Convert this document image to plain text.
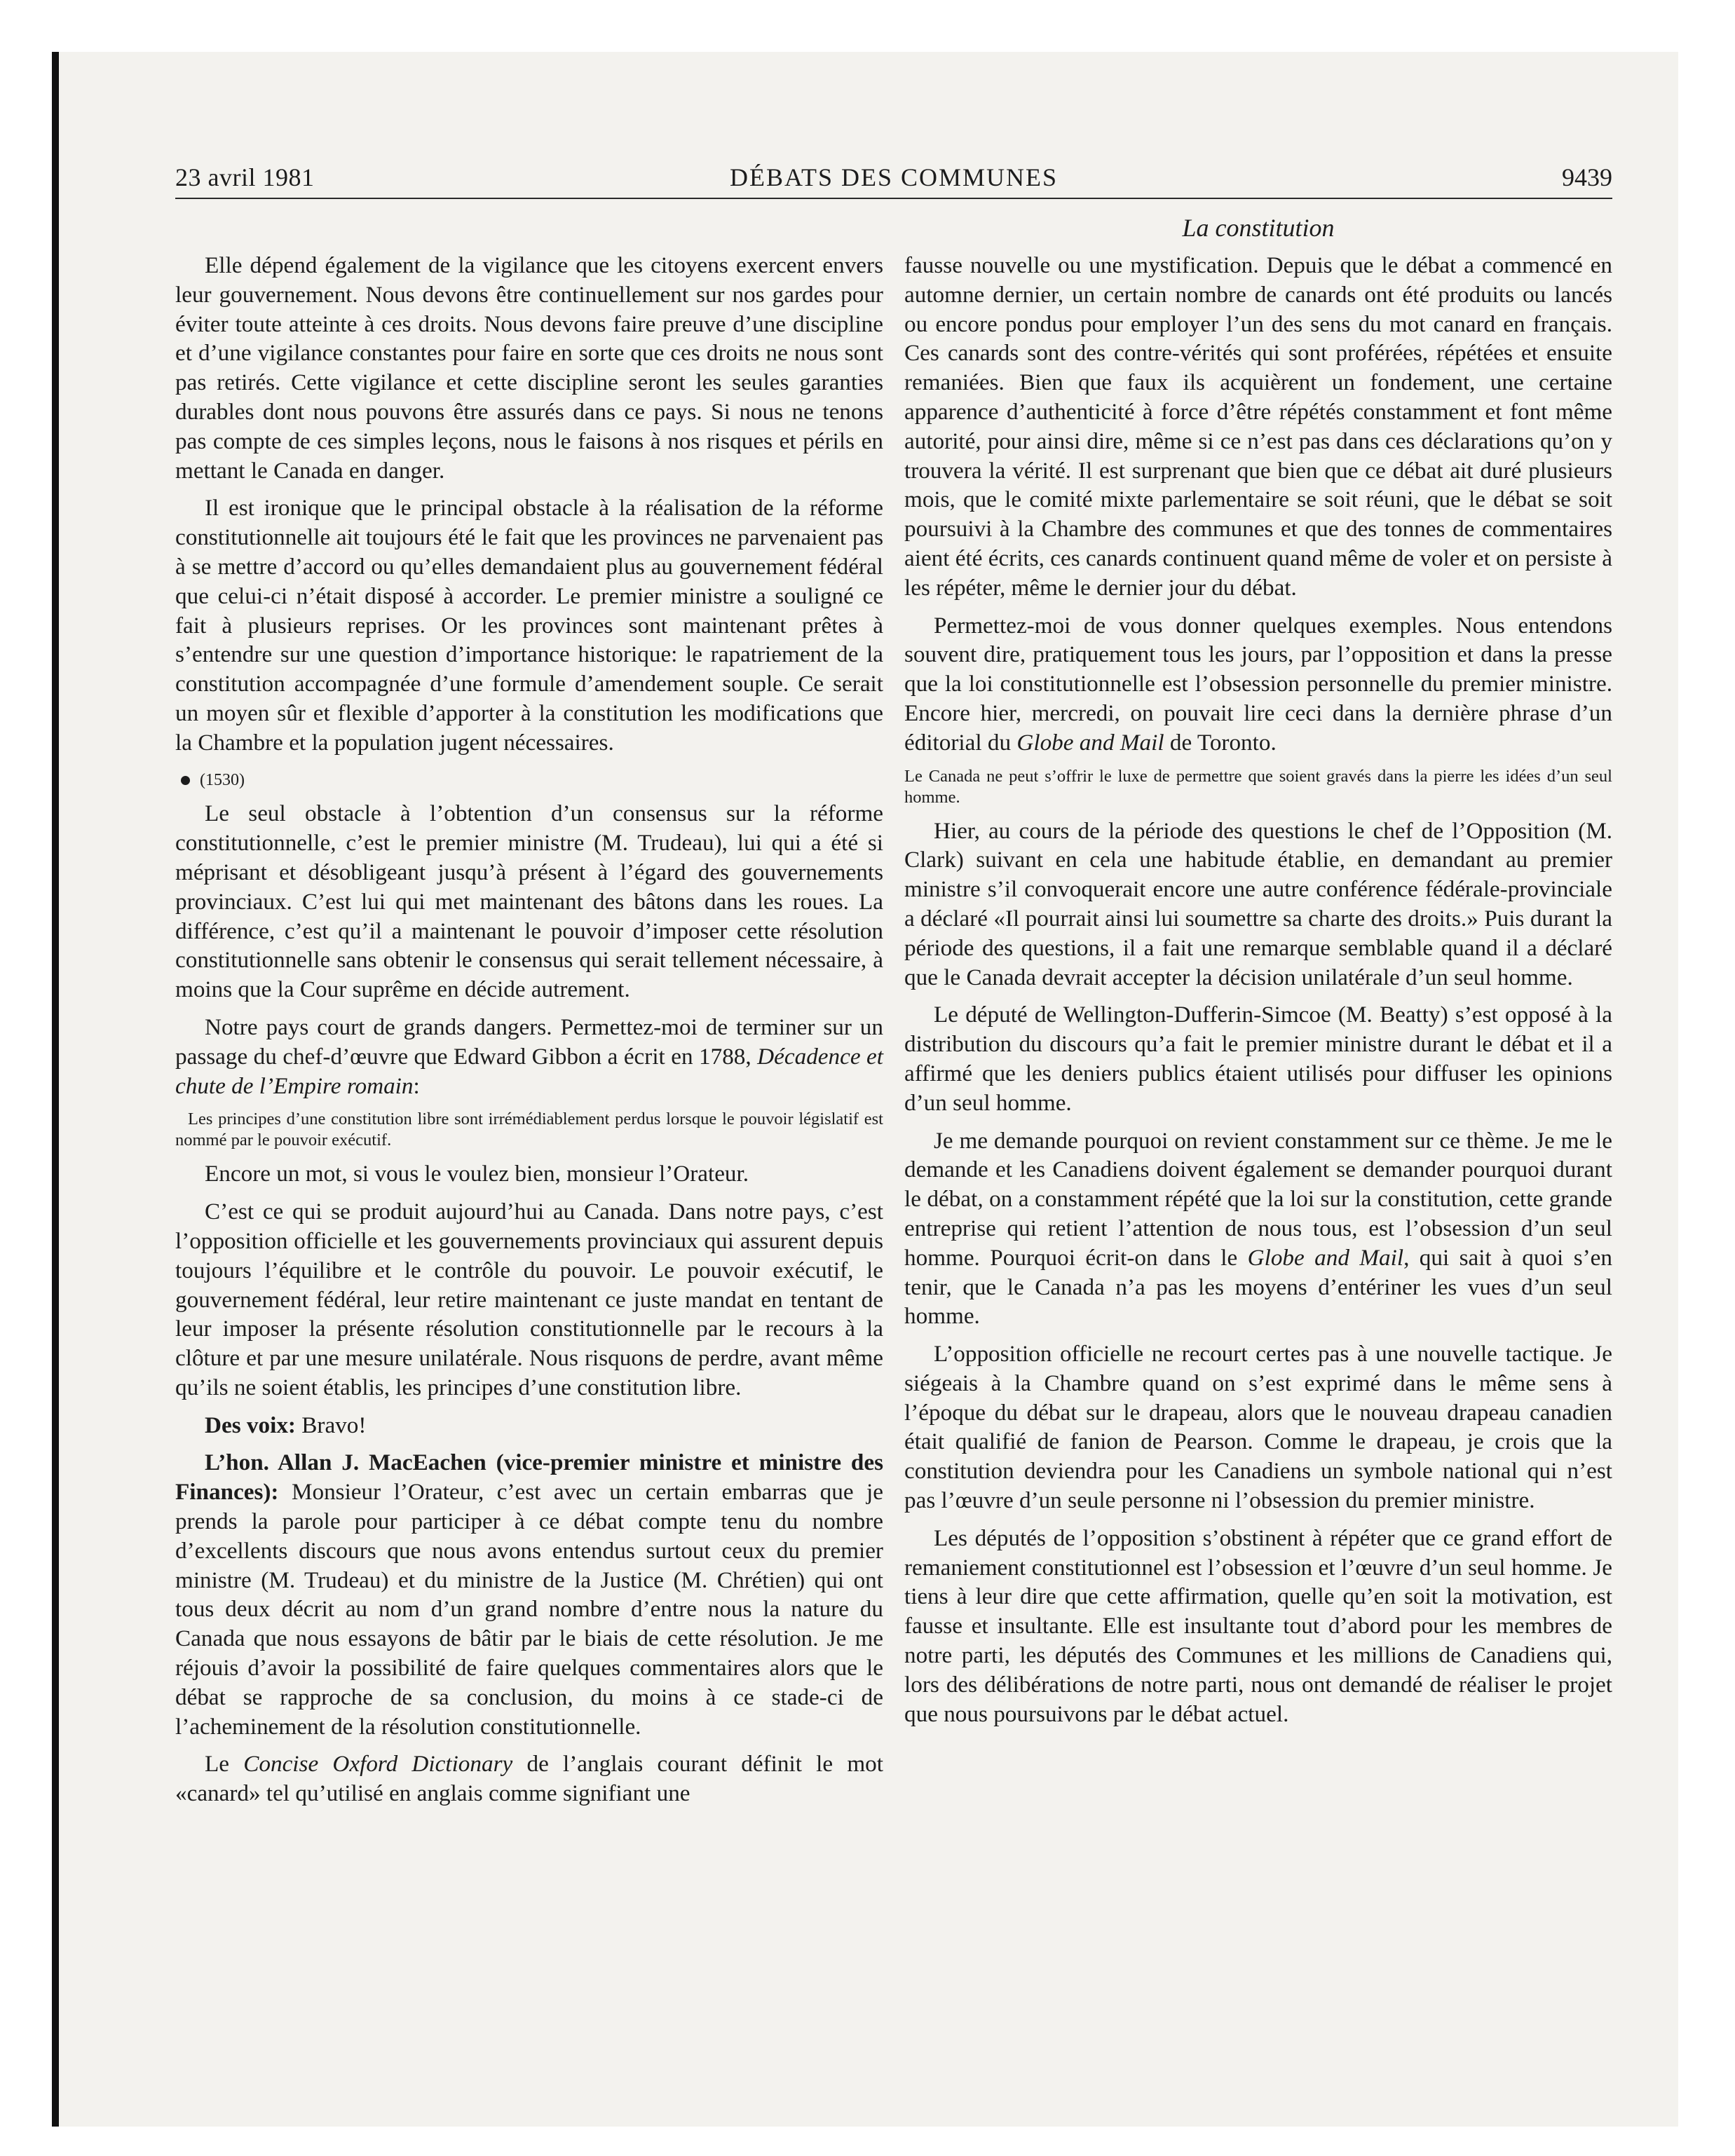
23 avril 1981	DÉBATS DES COMMUNES	9439
La constitution

Elle dépend également de la vigilance que les citoyens exercent envers leur gouvernement. Nous devons être continuellement sur nos gardes pour éviter toute atteinte à ces droits. Nous devons faire preuve d’une discipline et d’une vigilance constantes pour faire en sorte que ces droits ne nous sont pas retirés. Cette vigilance et cette discipline seront les seules garanties durables dont nous pouvons être assurés dans ce pays. Si nous ne tenons pas compte de ces simples leçons, nous le faisons à nos risques et périls en mettant le Canada en danger.

Il est ironique que le principal obstacle à la réalisation de la réforme constitutionnelle ait toujours été le fait que les provinces ne parvenaient pas à se mettre d’accord ou qu’elles demandaient plus au gouvernement fédéral que celui-ci n’était disposé à accorder. Le premier ministre a souligné ce fait à plusieurs reprises. Or les provinces sont maintenant prêtes à s’entendre sur une question d’importance historique: le rapatriement de la constitution accompagnée d’une formule d’amendement souple. Ce serait un moyen sûr et flexible d’apporter à la constitution les modifications que la Chambre et la population jugent nécessaires.

(1530)

Le seul obstacle à l’obtention d’un consensus sur la réforme constitutionnelle, c’est le premier ministre (M. Trudeau), lui qui a été si méprisant et désobligeant jusqu’à présent à l’égard des gouvernements provinciaux. C’est lui qui met maintenant des bâtons dans les roues. La différence, c’est qu’il a maintenant le pouvoir d’imposer cette résolution constitutionnelle sans obtenir le consensus qui serait tellement nécessaire, à moins que la Cour suprême en décide autrement.

Notre pays court de grands dangers. Permettez-moi de terminer sur un passage du chef-d’œuvre que Edward Gibbon a écrit en 1788, Décadence et chute de l’Empire romain:

Les principes d’une constitution libre sont irrémédiablement perdus lorsque le pouvoir législatif est nommé par le pouvoir exécutif.

Encore un mot, si vous le voulez bien, monsieur l’Orateur.

C’est ce qui se produit aujourd’hui au Canada. Dans notre pays, c’est l’opposition officielle et les gouvernements provinciaux qui assurent depuis toujours l’équilibre et le contrôle du pouvoir. Le pouvoir exécutif, le gouvernement fédéral, leur retire maintenant ce juste mandat en tentant de leur imposer la présente résolution constitutionnelle par le recours à la clôture et par une mesure unilatérale. Nous risquons de perdre, avant même qu’ils ne soient établis, les principes d’une constitution libre.

Des voix: Bravo!

L’hon. Allan J. MacEachen (vice-premier ministre et ministre des Finances): Monsieur l’Orateur, c’est avec un certain embarras que je prends la parole pour participer à ce débat compte tenu du nombre d’excellents discours que nous avons entendus surtout ceux du premier ministre (M. Trudeau) et du ministre de la Justice (M. Chrétien) qui ont tous deux décrit au nom d’un grand nombre d’entre nous la nature du Canada que nous essayons de bâtir par le biais de cette résolution. Je me réjouis d’avoir la possibilité de faire quelques commentaires alors que le débat se rapproche de sa conclusion, du moins à ce stade-ci de l’acheminement de la résolution constitutionnelle.

Le Concise Oxford Dictionary de l’anglais courant définit le mot «canard» tel qu’utilisé en anglais comme signifiant une

fausse nouvelle ou une mystification. Depuis que le débat a commencé en automne dernier, un certain nombre de canards ont été produits ou lancés ou encore pondus pour employer l’un des sens du mot canard en français. Ces canards sont des contre-vérités qui sont proférées, répétées et ensuite remaniées. Bien que faux ils acquièrent un fondement, une certaine apparence d’authenticité à force d’être répétés constamment et font même autorité, pour ainsi dire, même si ce n’est pas dans ces déclarations qu’on y trouvera la vérité. Il est surprenant que bien que ce débat ait duré plusieurs mois, que le comité mixte parlementaire se soit réuni, que le débat se soit poursuivi à la Chambre des communes et que des tonnes de commentaires aient été écrits, ces canards continuent quand même de voler et on persiste à les répéter, même le dernier jour du débat.

Permettez-moi de vous donner quelques exemples. Nous entendons souvent dire, pratiquement tous les jours, par l’opposition et dans la presse que la loi constitutionnelle est l’obsession personnelle du premier ministre. Encore hier, mercredi, on pouvait lire ceci dans la dernière phrase d’un éditorial du Globe and Mail de Toronto.

Le Canada ne peut s’offrir le luxe de permettre que soient gravés dans la pierre les idées d’un seul homme.

Hier, au cours de la période des questions le chef de l’Opposition (M. Clark) suivant en cela une habitude établie, en demandant au premier ministre s’il convoquerait encore une autre conférence fédérale-provinciale a déclaré «Il pourrait ainsi lui soumettre sa charte des droits.» Puis durant la période des questions, il a fait une remarque semblable quand il a déclaré que le Canada devrait accepter la décision unilatérale d’un seul homme.

Le député de Wellington-Dufferin-Simcoe (M. Beatty) s’est opposé à la distribution du discours qu’a fait le premier ministre durant le débat et il a affirmé que les deniers publics étaient utilisés pour diffuser les opinions d’un seul homme.

Je me demande pourquoi on revient constamment sur ce thème. Je me le demande et les Canadiens doivent également se demander pourquoi durant le débat, on a constamment répété que la loi sur la constitution, cette grande entreprise qui retient l’attention de nous tous, est l’obsession d’un seul homme. Pourquoi écrit-on dans le Globe and Mail, qui sait à quoi s’en tenir, que le Canada n’a pas les moyens d’entériner les vues d’un seul homme.

L’opposition officielle ne recourt certes pas à une nouvelle tactique. Je siégeais à la Chambre quand on s’est exprimé dans le même sens à l’époque du débat sur le drapeau, alors que le nouveau drapeau canadien était qualifié de fanion de Pearson. Comme le drapeau, je crois que la constitution deviendra pour les Canadiens un symbole national qui n’est pas l’œuvre d’un seule personne ni l’obsession du premier ministre.

Les députés de l’opposition s’obstinent à répéter que ce grand effort de remaniement constitutionnel est l’obsession et l’œuvre d’un seul homme. Je tiens à leur dire que cette affirmation, quelle qu’en soit la motivation, est fausse et insultante. Elle est insultante tout d’abord pour les membres de notre parti, les députés des Communes et les millions de Canadiens qui, lors des délibérations de notre parti, nous ont demandé de réaliser le projet que nous poursuivons par le débat actuel.
